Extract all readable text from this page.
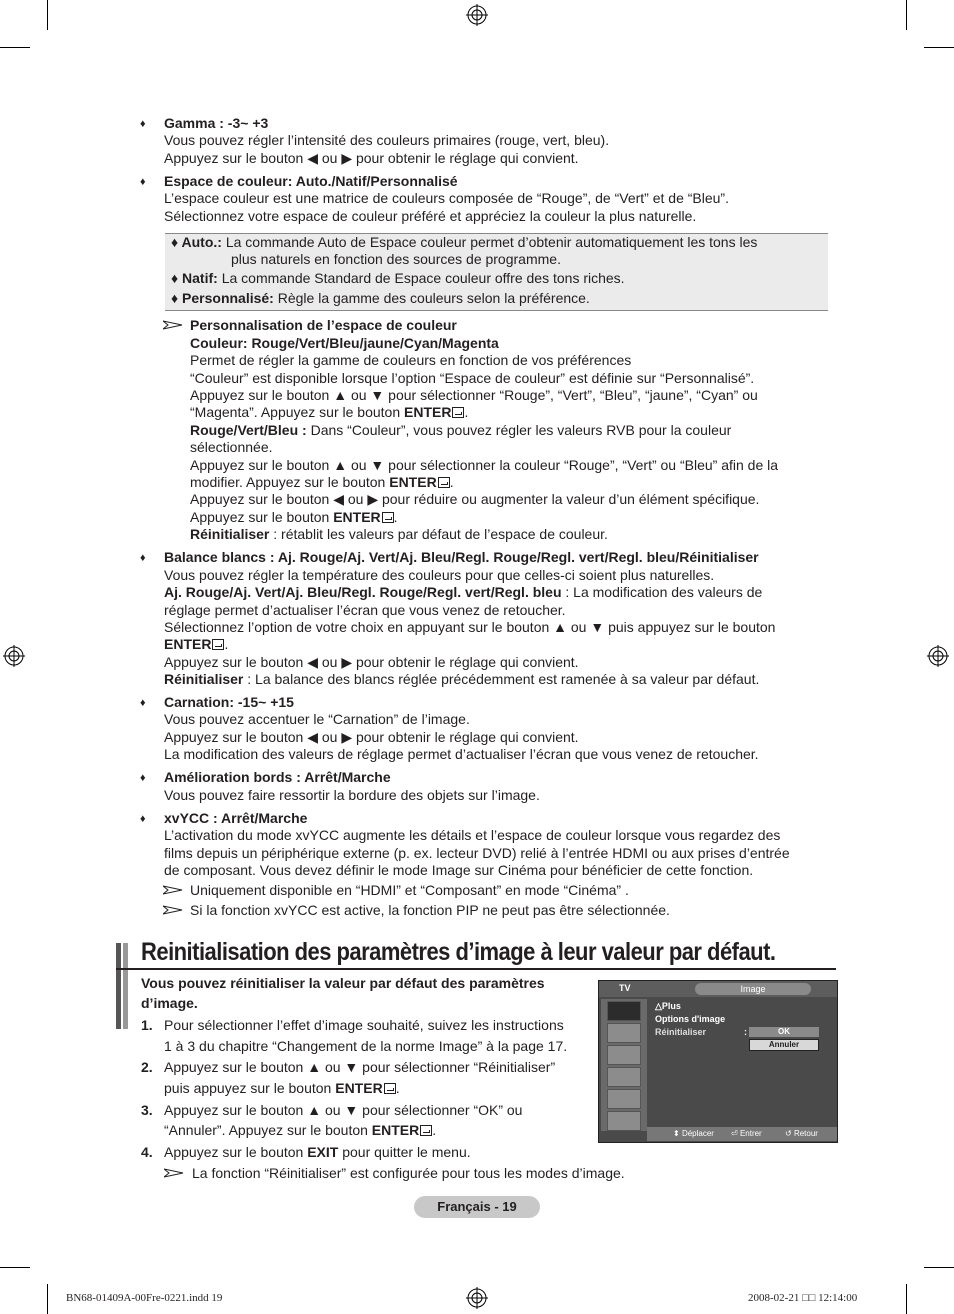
♦ Gamma : -3~ +3
Vous pouvez régler l’intensité des couleurs primaires (rouge, vert, bleu).
Appuyez sur le bouton ◀ ou ▶ pour obtenir le réglage qui convient.
♦ Espace de couleur: Auto./Natif/Personnalisé
L’espace couleur est une matrice de couleurs composée de “Rouge”, de “Vert” et de “Bleu”.
Sélectionnez votre espace de couleur préféré et appréciez la couleur la plus naturelle.
♦ Auto.: La commande Auto de Espace couleur permet d’obtenir automatiquement les tons les
plus naturels en fonction des sources de programme.
♦ Natif: La commande Standard de Espace couleur offre des tons riches.
♦ Personnalisé: Règle la gamme des couleurs selon la préférence.
Personnalisation de l’espace de couleur
Couleur: Rouge/Vert/Bleu/jaune/Cyan/Magenta
Permet de régler la gamme de couleurs en fonction de vos préférences
“Couleur” est disponible lorsque l’option “Espace de couleur” est définie sur “Personnalisé”.
Appuyez sur le bouton ▲ ou ▼ pour sélectionner “Rouge”, “Vert”, “Bleu”, “jaune”, “Cyan” ou
“Magenta”. Appuyez sur le bouton ENTER .
Rouge/Vert/Bleu : Dans “Couleur”, vous pouvez régler les valeurs RVB pour la couleur
sélectionnée.
Appuyez sur le bouton ▲ ou ▼ pour sélectionner la couleur “Rouge”, “Vert” ou “Bleu” afin de la
modifier. Appuyez sur le bouton ENTER .
Appuyez sur le bouton ◀ ou ▶ pour réduire ou augmenter la valeur d’un élément spécifique.
Appuyez sur le bouton ENTER .
Réinitialiser : rétablit les valeurs par défaut de l’espace de couleur.
♦ Balance blancs : Aj. Rouge/Aj. Vert/Aj. Bleu/Regl. Rouge/Regl. vert/Regl. bleu/Réinitialiser
Vous pouvez régler la température des couleurs pour que celles-ci soient plus naturelles.
Aj. Rouge/Aj. Vert/Aj. Bleu/Regl. Rouge/Regl. vert/Regl. bleu : La modification des valeurs de
réglage permet d’actualiser l’écran que vous venez de retoucher.
Sélectionnez l’option de votre choix en appuyant sur le bouton ▲ ou ▼ puis appuyez sur le bouton
ENTER .
Appuyez sur le bouton ◀ ou ▶ pour obtenir le réglage qui convient.
Réinitialiser : La balance des blancs réglée précédemment est ramenée à sa valeur par défaut.
♦ Carnation: -15~ +15
Vous pouvez accentuer le “Carnation” de l’image.
Appuyez sur le bouton ◀ ou ▶ pour obtenir le réglage qui convient.
La modification des valeurs de réglage permet d’actualiser l’écran que vous venez de retoucher.
♦ Amélioration bords : Arrêt/Marche
Vous pouvez faire ressortir la bordure des objets sur l’image.
♦ xvYCC : Arrêt/Marche
L’activation du mode xvYCC augmente les détails et l’espace de couleur lorsque vous regardez des
films depuis un périphérique externe (p. ex. lecteur DVD) relié à l’entrée HDMI ou aux prises d’entrée
de composant. Vous devez définir le mode Image sur Cinéma pour bénéficier de cette fonction.
Uniquement disponible en “HDMI” et “Composant” en mode “Cinéma” .
Si la fonction xvYCC est active, la fonction PIP ne peut pas être sélectionnée.
Reinitialisation des paramètres d’image à leur valeur par défaut.
Vous pouvez réinitialiser la valeur par défaut des paramètres
d’image.
1. Pour sélectionner l’effet d’image souhaité, suivez les instructions
1 à 3 du chapitre “Changement de la norme Image” à la page 17.
2. Appuyez sur le bouton ▲ ou ▼ pour sélectionner “Réinitialiser”
puis appuyez sur le bouton ENTER .
3. Appuyez sur le bouton ▲ ou ▼ pour sélectionner “OK” ou
“Annuler”. Appuyez sur le bouton ENTER .
4. Appuyez sur le bouton EXIT pour quitter le menu.
La fonction “Réinitialiser” est configurée pour tous les modes d’image.
TV	Image
△Plus
Options d'image
Réinitialiser	:	OK
Annuler
⬍ Déplacer ⏎ Entrer	↺ Retour
Français - 19
BN68-01409A-00Fre-0221.indd 19	2008-02-21 □□ 12:14:00
